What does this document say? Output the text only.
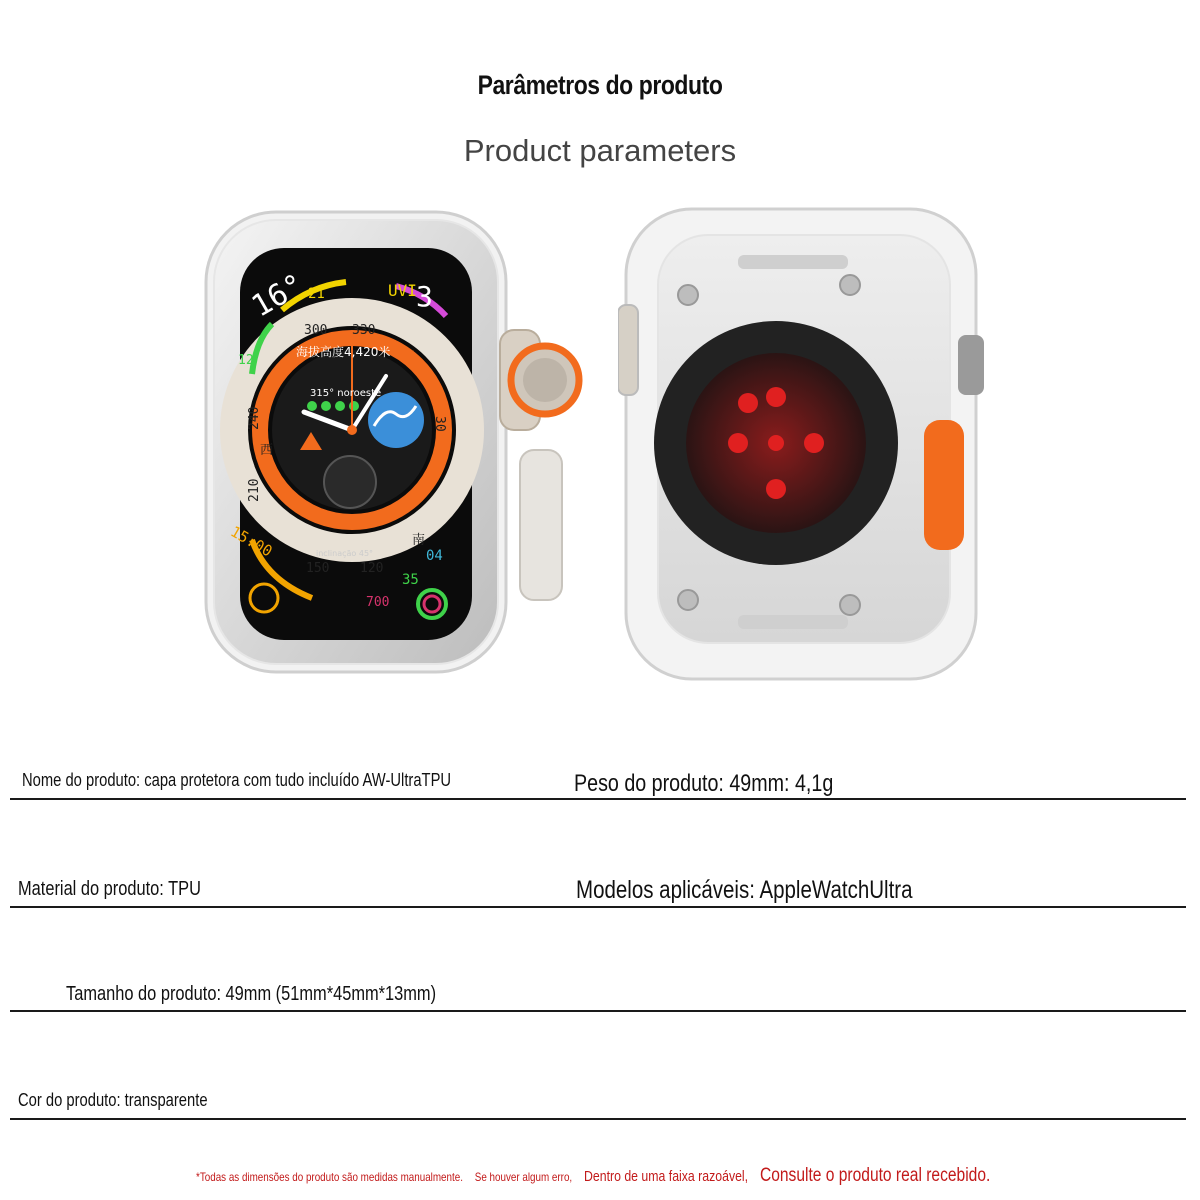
Parâmetros do produto
Product parameters
16°
21	UVI 3
300 330
海拔高度4,420米
315° noroeste
240	30
210
西
南
inclinação 45°
150 120
12
15:00	04
35
700
Nome do produto: capa protetora com tudo incluído AW-UltraTPU	Peso do produto: 49mm: 4,1g
Material do produto: TPU	Modelos aplicáveis: AppleWatchUltra
Tamanho do produto: 49mm (51mm*45mm*13mm)
Cor do produto: transparente
*Todas as dimensões do produto são medidas manualmente. Se houver algum erro, Dentro de uma faixa razoável, Consulte o produto real recebido.
